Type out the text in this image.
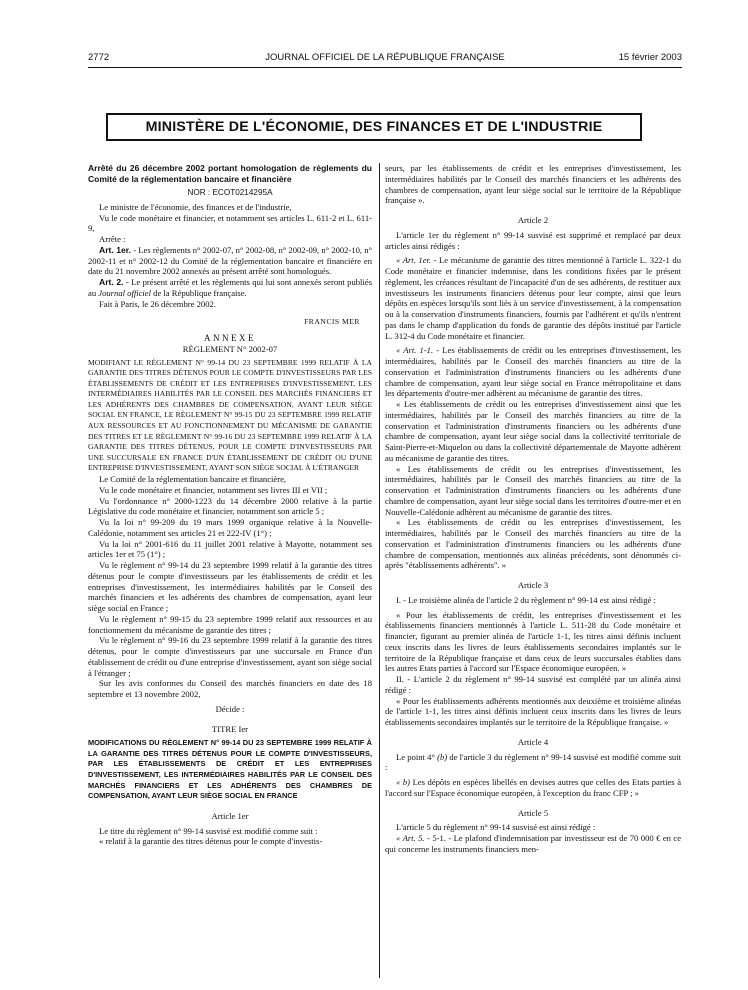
2772	JOURNAL OFFICIEL DE LA RÉPUBLIQUE FRANÇAISE	15 février 2003
MINISTÈRE DE L'ÉCONOMIE, DES FINANCES ET DE L'INDUSTRIE

Arrêté du 26 décembre 2002 portant homologation de règlements du Comité de la réglementation bancaire et financière

NOR : ECOT0214295A

Le ministre de l'économie, des finances et de l'industrie,

Vu le code monétaire et financier, et notamment ses articles L. 611-2 et L. 611-9,

Arrête :

Art. 1er. - Les règlements n° 2002-07, n° 2002-08, n° 2002-09, n° 2002-10, n° 2002-11 et n° 2002-12 du Comité de la réglementation bancaire et financière en date du 21 novembre 2002 annexés au présent arrêté sont homologués.

Art. 2. - Le présent arrêté et les règlements qui lui sont annexés seront publiés au Journal officiel de la République française.

Fait à Paris, le 26 décembre 2002.

FRANCIS MER

ANNEXE

RÈGLEMENT N° 2002-07

MODIFIANT LE RÈGLEMENT N° 99-14 DU 23 SEPTEMBRE 1999 RELATIF À LA GARANTIE DES TITRES DÉTENUS POUR LE COMPTE D'INVESTISSEURS PAR LES ÉTABLISSEMENTS DE CRÉDIT ET LES ENTREPRISES D'INVESTISSEMENT, LES INTERMÉDIAIRES HABILITÉS PAR LE CONSEIL DES MARCHÉS FINANCIERS ET LES ADHÉRENTS DES CHAMBRES DE COMPENSATION, AYANT LEUR SIÈGE SOCIAL EN FRANCE, LE RÈGLEMENT N° 99-15 DU 23 SEPTEMBRE 1999 RELATIF AUX RESSOURCES ET AU FONCTIONNEMENT DU MÉCANISME DE GARANTIE DES TITRES ET LE RÈGLEMENT N° 99-16 DU 23 SEPTEMBRE 1999 RELATIF À LA GARANTIE DES TITRES DÉTENUS, POUR LE COMPTE D'INVESTISSEURS PAR UNE SUCCURSALE EN FRANCE D'UN ÉTABLISSEMENT DE CRÉDIT OU D'UNE ENTREPRISE D'INVESTISSEMENT, AYANT SON SIÈGE SOCIAL À L'ÉTRANGER

Le Comité de la réglementation bancaire et financière,

Vu le code monétaire et financier, notamment ses livres III et VII ;

Vu l'ordonnance n° 2000-1223 du 14 décembre 2000 relative à la partie Législative du code monétaire et financier, notamment son article 5 ;

Vu la loi n° 99-209 du 19 mars 1999 organique relative à la Nouvelle-Calédonie, notamment ses articles 21 et 222-IV (1°) ;

Vu la loi n° 2001-616 du 11 juillet 2001 relative à Mayotte, notamment ses articles 1er et 75 (1°) ;

Vu le règlement n° 99-14 du 23 septembre 1999 relatif à la garantie des titres détenus pour le compte d'investisseurs par les établissements de crédit et les entreprises d'investissement, les intermédiaires habilités par le Conseil des marchés financiers et les adhérents des chambres de compensation, ayant leur siège social en France ;

Vu le règlement n° 99-15 du 23 septembre 1999 relatif aux ressources et au fonctionnement du mécanisme de garantie des titres ;

Vu le règlement n° 99-16 du 23 septembre 1999 relatif à la garantie des titres détenus, pour le compte d'investisseurs par une succursale en France d'un établissement de crédit ou d'une entreprise d'investissement, ayant son siège social à l'étranger ;

Sur les avis conformes du Conseil des marchés financiers en date des 18 septembre et 13 novembre 2002,

Décide :

TITRE Ier

MODIFICATIONS DU RÈGLEMENT N° 99-14 DU 23 SEPTEMBRE 1999 RELATIF À LA GARANTIE DES TITRES DÉTENUS POUR LE COMPTE D'INVESTISSEURS, PAR LES ÉTABLISSEMENTS DE CRÉDIT ET LES ENTREPRISES D'INVESTISSEMENT, LES INTERMÉDIAIRES HABILITÉS PAR LE CONSEIL DES MARCHÉS FINANCIERS ET LES ADHÉRENTS DES CHAMBRES DE COMPENSATION, AYANT LEUR SIÈGE SOCIAL EN FRANCE

Article 1er

Le titre du règlement n° 99-14 susvisé est modifié comme suit :

« relatif à la garantie des titres détenus pour le compte d'investis-

seurs, par les établissements de crédit et les entreprises d'investissement, les intermédiaires habilités par le Conseil des marchés financiers et les adhérents des chambres de compensation, ayant leur siège social sur le territoire de la République française ».

Article 2

L'article 1er du règlement n° 99-14 susvisé est supprimé et remplacé par deux articles ainsi rédigés :

« Art. 1er. - Le mécanisme de garantie des titres mentionné à l'article L. 322-1 du Code monétaire et financier indemnise, dans les conditions fixées par le présent règlement, les créances résultant de l'incapacité d'un de ses adhérents, de restituer aux investisseurs les instruments financiers détenus pour leur compte, ainsi que leurs dépôts en espèces lorsqu'ils sont liés à un service d'investissement, à la compensation ou à la conservation d'instruments financiers, fournis par l'adhérent et qu'ils n'entrent pas dans le champ d'application du fonds de garantie des dépôts institué par l'article L. 312-4 du Code monétaire et financier.

« Art. 1-1. - Les établissements de crédit ou les entreprises d'investissement, les intermédiaires, habilités par le Conseil des marchés financiers au titre de la conservation et l'administration d'instruments financiers ou les adhérents d'une chambre de compensation, ayant leur siège social en France métropolitaine et dans les départements d'outre-mer adhèrent au mécanisme de garantie des titres.

« Les établissements de crédit ou les entreprises d'investissement ainsi que les intermédiaires, habilités par le Conseil des marchés financiers au titre de la conservation et l'administration d'instruments financiers ou les adhérents d'une chambre de compensation, ayant leur siège social dans la collectivité territoriale de Saint-Pierre-et-Miquelon ou dans la collectivité départementale de Mayotte adhèrent au mécanisme de garantie des titres.

« Les établissements de crédit ou les entreprises d'investissement, les intermédiaires, habilités par le Conseil des marchés financiers au titre de la conservation et l'administration d'instruments financiers ou les adhérents d'une chambre de compensation, ayant leur siège social dans les territoires d'outre-mer et en Nouvelle-Calédonie adhèrent au mécanisme de garantie des titres.

« Les établissements de crédit ou les entreprises d'investissement, les intermédiaires, habilités par le Conseil des marchés financiers au titre de la conservation et l'administration d'instruments financiers ou les adhérents d'une chambre de compensation, mentionnés aux alinéas précédents, sont dénommés ci-après "établissements adhérents". »

Article 3

I. - Le troisième alinéa de l'article 2 du règlement n° 99-14 est ainsi rédigé :

« Pour les établissements de crédit, les entreprises d'investissement et les établissements financiers mentionnés à l'article L. 511-28 du Code monétaire et financier, figurant au premier alinéa de l'article 1-1, les titres ainsi définis incluent ceux inscrits dans les livres de leurs établissements secondaires implantés sur le territoire de la République française et dans ceux de leurs succursales établies dans les autres Etats parties à l'accord sur l'Espace économique européen. »

II. - L'article 2 du règlement n° 99-14 susvisé est complété par un alinéa ainsi rédigé :

« Pour les établissements adhérents mentionnés aux deuxième et troisième alinéas de l'article 1-1, les titres ainsi définis incluent ceux inscrits dans les livres de leurs établissements secondaires implantés sur le territoire de la République française. »

Article 4

Le point 4° (b) de l'article 3 du règlement n° 99-14 susvisé est modifié comme suit :

« b) Les dépôts en espèces libellés en devises autres que celles des Etats parties à l'accord sur l'Espace économique européen, à l'exception du franc CFP ; »

Article 5

L'article 5 du règlement n° 99-14 susvisé est ainsi rédigé :

« Art. 5. - 5-1. - Le plafond d'indemnisation par investisseur est de 70 000 € en ce qui concerne les instruments financiers men-
